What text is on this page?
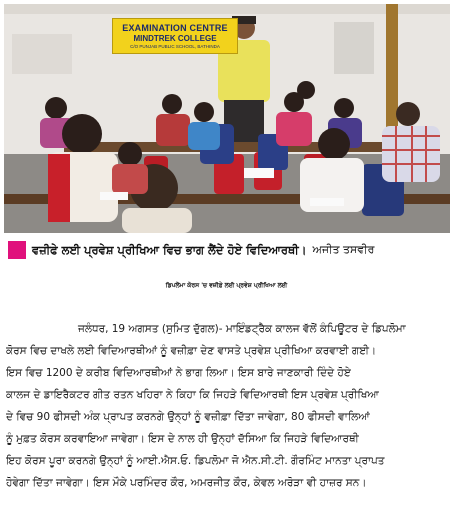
EXAMINATION CENTRE
MINDTREK COLLEGE
C/O PUNJAB PUBLIC SCHOOL, BATHINDA
ਵਜ਼ੀਫੇ ਲਈ ਪ੍ਰਵੇਸ਼ ਪ੍ਰੀਖਿਆ ਵਿਚ ਭਾਗ ਲੈਂਦੇ ਹੋਏ ਵਿਦਿਆਰਥੀ। ਅਜੀਤ ਤਸਵੀਰ
ਡਿਪਲੋਮਾ ਕੋਰਸ 'ਚ ਵਜ਼ੀਫ਼ੇ ਲਈ ਪ੍ਰਵੇਸ਼ ਪ੍ਰੀਖਿਆ ਲਈ
ਜਲੰਧਰ, 19 ਅਗਸਤ (ਸੁਮਿਤ ਦੁੱਗਲ)- ਮਾਇੰਡਟ੍ਰੈਕ ਕਾਲਜ ਵੱਲੋਂ ਕੰਪਿਊਟਰ ਦੇ ਡਿਪਲੋਮਾ
ਕੋਰਸ ਵਿਚ ਦਾਖਲੇ ਲਈ ਵਿਦਿਆਰਥੀਆਂ ਨੂੰ ਵਜ਼ੀਫ਼ਾ ਦੇਣ ਵਾਸਤੇ ਪ੍ਰਵੇਸ਼ ਪ੍ਰੀਖਿਆ ਕਰਵਾਈ ਗਈ।
ਇਸ ਵਿਚ 1200 ਦੇ ਕਰੀਬ ਵਿਦਿਆਰਥੀਆਂ ਨੇ ਭਾਗ ਲਿਆ। ਇਸ ਬਾਰੇ ਜਾਣਕਾਰੀ ਦਿੰਦੇ ਹੋਏ
ਕਾਲਜ ਦੇ ਡਾਇਰੈਕਟਰ ਗੀਤ ਰਤਨ ਖਹਿਰਾ ਨੇ ਕਿਹਾ ਕਿ ਜਿਹੜੇ ਵਿਦਿਆਰਥੀ ਇਸ ਪ੍ਰਵੇਸ਼ ਪ੍ਰੀਖਿਆ
ਦੇ ਵਿਚ 90 ਫੀਸਦੀ ਅੰਕ ਪ੍ਰਾਪਤ ਕਰਨਗੇ ਉਨ੍ਹਾਂ ਨੂੰ ਵਜ਼ੀਫ਼ਾ ਦਿੱਤਾ ਜਾਵੇਗਾ, 80 ਫੀਸਦੀ ਵਾਲਿਆਂ
ਨੂੰ ਮੁਫ਼ਤ ਕੋਰਸ ਕਰਵਾਇਆ ਜਾਵੇਗਾ। ਇਸ ਦੇ ਨਾਲ ਹੀ ਉਨ੍ਹਾਂ ਦੱਸਿਆ ਕਿ ਜਿਹੜੇ ਵਿਦਿਆਰਥੀ
ਇਹ ਕੋਰਸ ਪੂਰਾ ਕਰਨਗੇ ਉਨ੍ਹਾਂ ਨੂੰ ਆਈ.ਐਸ.ਓ. ਡਿਪਲੋਮਾ ਜੋ ਐਨ.ਸੀ.ਟੀ. ਗੌਰਮਿੰਟ ਮਾਨਤਾ ਪ੍ਰਾਪਤ
ਹੋਵੇਗਾ ਦਿੱਤਾ ਜਾਵੇਗਾ। ਇਸ ਮੌਕੇ ਪਰਮਿੰਦਰ ਕੌਰ, ਅਮਰਜੀਤ ਕੌਰ, ਕੇਵਲ ਅਰੋੜਾ ਵੀ ਹਾਜ਼ਰ ਸਨ।
